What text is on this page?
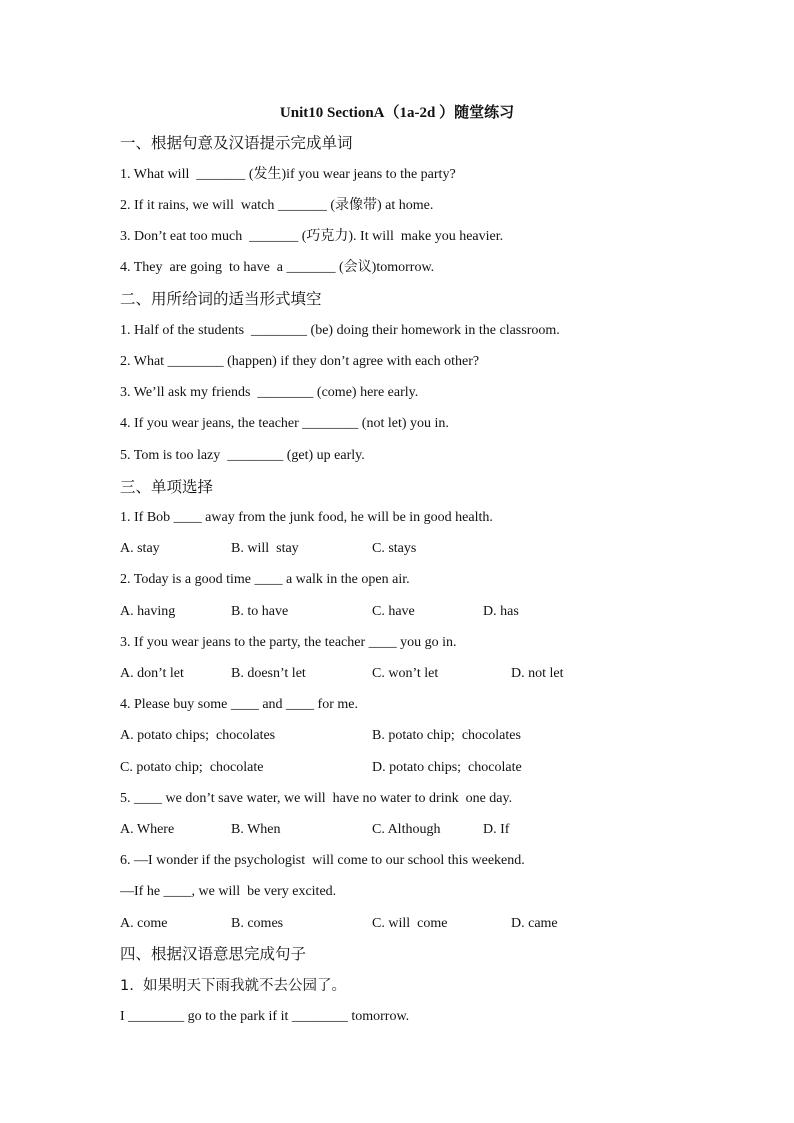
Unit10 SectionA（1a-2d ）随堂练习
一、根据句意及汉语提示完成单词
1. What will  _______ (发生)if you wear jeans to the party?
2. If it rains, we will  watch _______ (录像带) at home.
3. Don’t eat too much  _______ (巧克力). It will  make you heavier.
4. They  are going  to have  a _______ (会议)tomorrow.
二、用所给词的适当形式填空
1. Half of the students  ________ (be) doing their homework in the classroom.
2. What ________ (happen) if they don’t agree with each other?
3. We’ll ask my friends  ________ (come) here early.
4. If you wear jeans, the teacher ________ (not let) you in.
5. Tom is too lazy  ________ (get) up early.
三、单项选择
1. If Bob ____ away from the junk food, he will be in good health.
A. stay	B. will  stay	C. stays
2. Today is a good time ____ a walk in the open air.
A. having	B. to have	C. have	D. has
3. If you wear jeans to the party, the teacher ____ you go in.
A. don’t let	B. doesn’t let	C. won’t let	D. not let
4. Please buy some ____ and ____ for me.
A. potato chips;  chocolates	B. potato chip;  chocolates
C. potato chip;  chocolate	D. potato chips;  chocolate
5. ____ we don’t save water, we will  have no water to drink  one day.
A. Where	B. When	C. Although	D. If
6. —I wonder if the psychologist  will come to our school this weekend.
—If he ____, we will  be very excited.
A. come	B. comes	C. will  come	D. came
四、根据汉语意思完成句子
1.  如果明天下雨我就不去公园了。
I ________ go to the park if it ________ tomorrow.
